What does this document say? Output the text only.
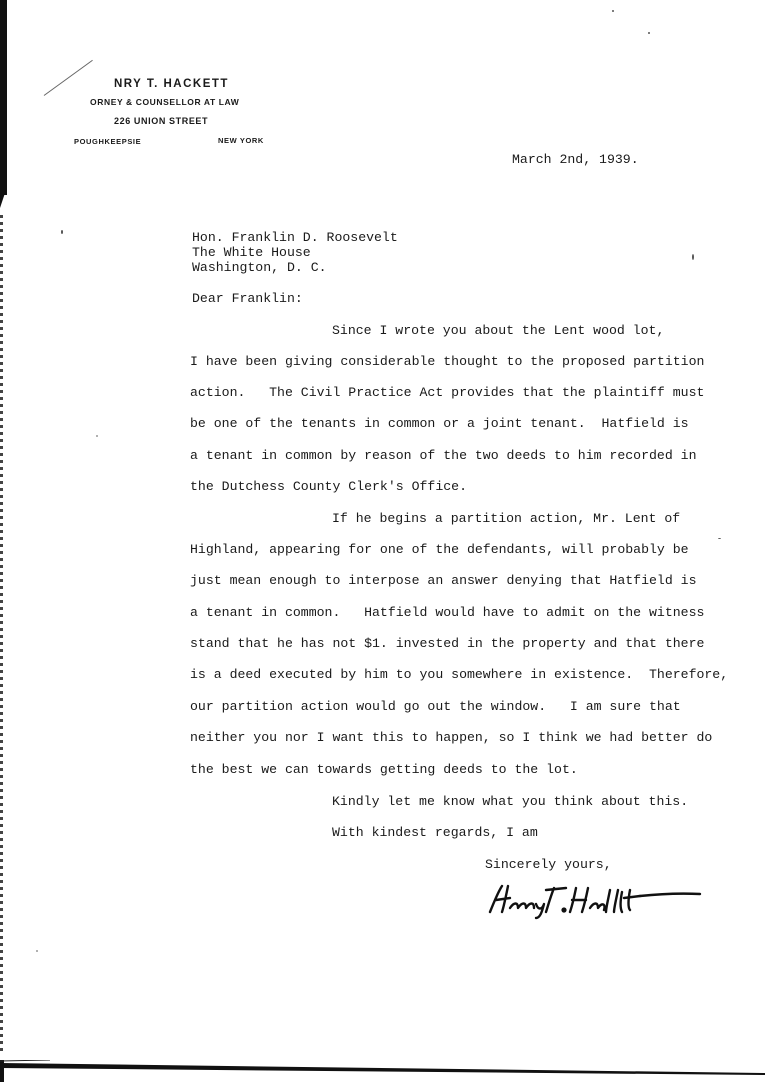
NRY T. HACKETT
ORNEY & COUNSELLOR AT LAW
226 UNION STREET
POUGHKEEPSIE	NEW YORK
March 2nd, 1939.
Hon. Franklin D. Roosevelt
The White House
Washington, D. C.
Dear Franklin:
Since I wrote you about the Lent wood lot,
I have been giving considerable thought to the proposed partition
action.   The Civil Practice Act provides that the plaintiff must
be one of the tenants in common or a joint tenant.  Hatfield is
a tenant in common by reason of the two deeds to him recorded in
the Dutchess County Clerk's Office.
If he begins a partition action, Mr. Lent of
Highland, appearing for one of the defendants, will probably be
just mean enough to interpose an answer denying that Hatfield is
a tenant in common.   Hatfield would have to admit on the witness
stand that he has not $1. invested in the property and that there
is a deed executed by him to you somewhere in existence.  Therefore,
our partition action would go out the window.   I am sure that
neither you nor I want this to happen, so I think we had better do
the best we can towards getting deeds to the lot.
Kindly let me know what you think about this.
With kindest regards, I am
Sincerely yours,
